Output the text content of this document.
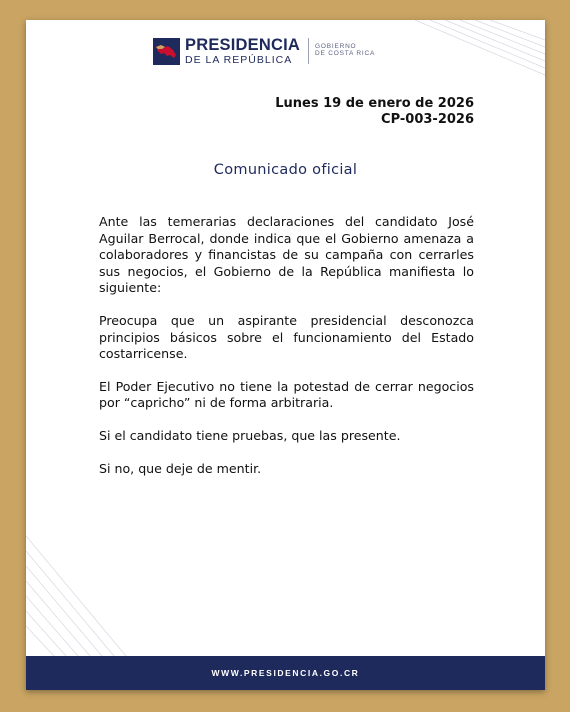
PRESIDENCIA
DE LA REPÚBLICA
GOBIERNO
DE COSTA RICA
Lunes 19 de enero de 2026
CP-003-2026
Comunicado oficial

Ante las temerarias declaraciones del candidato José Aguilar Berrocal, donde indica que el Gobierno amenaza a colaboradores y financistas de su campaña con cerrarles sus negocios, el Gobierno de la República manifiesta lo siguiente:

Preocupa que un aspirante presidencial desconozca principios básicos sobre el funcionamiento del Estado costarricense.

El Poder Ejecutivo no tiene la potestad de cerrar negocios por “capricho” ni de forma arbitraria.

Si el candidato tiene pruebas, que las presente.

Si no, que deje de mentir.

WWW.PRESIDENCIA.GO.CR
